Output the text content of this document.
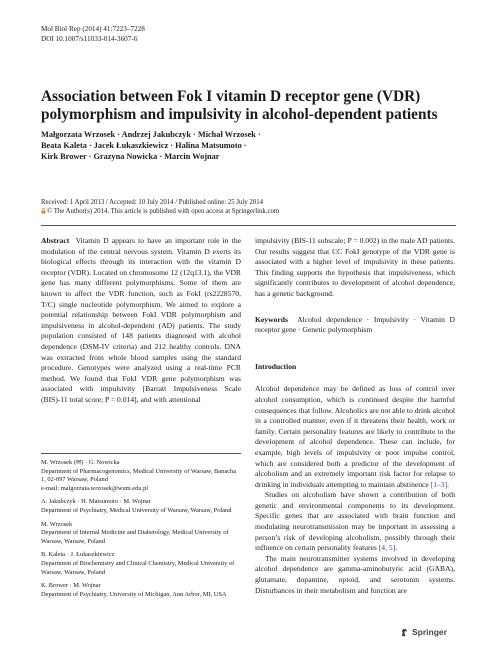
Mol Biol Rep (2014) 41:7223–7228
DOI 10.1007/s11033-014-3607-6
Association between Fok I vitamin D receptor gene (VDR) polymorphism and impulsivity in alcohol-dependent patients
Małgorzata Wrzosek · Andrzej Jakubczyk · Michał Wrzosek ·
Beata Kaleta · Jacek Łukaszkiewicz · Halina Matsumoto ·
Kirk Brower · Grazyna Nowicka · Marcin Wojnar
Received: 1 April 2013 / Accepted: 10 July 2014 / Published online: 25 July 2014
© The Author(s) 2014. This article is published with open access at Springerlink.com

Abstract Vitamin D appears to have an important role in the modulation of the central nervous system. Vitamin D exerts its biological effects through its interaction with the vitamin D receptor (VDR). Located on chromosome 12 (12q13.1), the VDR gene has many different polymorphisms. Some of them are known to affect the VDR function, such as FokI (rs2228570, T/C) single nucleotide polymorphism. We aimed to explore a potential relationship between FokI VDR polymorphism and impulsiveness in alcohol-dependent (AD) patients. The study population consisted of 148 patients diagnosed with alcohol dependence (DSM-IV criteria) and 212 healthy controls. DNA was extracted from whole blood samples using the standard procedure. Genotypes were analyzed using a real-time PCR method. We found that FokI VDR gene polymorphism was associated with impulsivity [Barratt Impulsiveness Scale (BIS)-11 total score; P = 0.014], and with attentional

M. Wrzosek (✉) · G. Nowicka
Department of Pharmacogenomics, Medical University of Warsaw, Banacha 1, 02-097 Warsaw, Poland
e-mail: malgorzata.wrzosek@wum.edu.pl
A. Jakubczyk · H. Matsumoto · M. Wojnar
Department of Psychiatry, Medical University of Warsaw, Warsaw, Poland
M. Wrzosek
Department of Internal Medicine and Diabetology, Medical University of Warsaw, Warsaw, Poland
B. Kaleta · J. Łukaszkiewicz
Department of Biochemistry and Clinical Chemistry, Medical University of Warsaw, Warsaw, Poland
K. Brower · M. Wojnar
Department of Psychiatry, University of Michigan, Ann Arbor, MI, USA

impulsivity (BIS-11 subscale; P = 0.002) in the male AD patients. Our results suggest that CC FokI genotype of the VDR gene is associated with a higher level of impulsivity in these patients. This finding supports the hypothesis that impulsiveness, which significantly contributes to development of alcohol dependence, has a genetic background.

Keywords Alcohol dependence · Impulsivity · Vitamin D receptor gene · Genetic polymorphism

Introduction

Alcohol dependence may be defined as loss of control over alcohol consumption, which is continued despite the harmful consequences that follow. Alcoholics are not able to drink alcohol in a controlled manner, even if it threatens their health, work or family. Certain personality features are likely to contribute to the development of alcohol dependence. These can include, for example, high levels of impulsivity or poor impulse control, which are considered both a predictor of the development of alcoholism and an extremely important risk factor for relapse to drinking in individuals attempting to maintain abstinence [1–3].

Studies on alcoholism have shown a contribution of both genetic and environmental components to its development. Specific genes that are associated with brain function and modulating neurotransmission may be important in assessing a person’s risk of developing alcoholism, possibly through their influence on certain personality features [4, 5].

The main neurotransmitter systems involved in developing alcohol dependence are gamma-aminobutyric acid (GABA), glutamate, dopamine, opioid, and serotonin systems. Disturbances in their metabolism and function are

Springer
